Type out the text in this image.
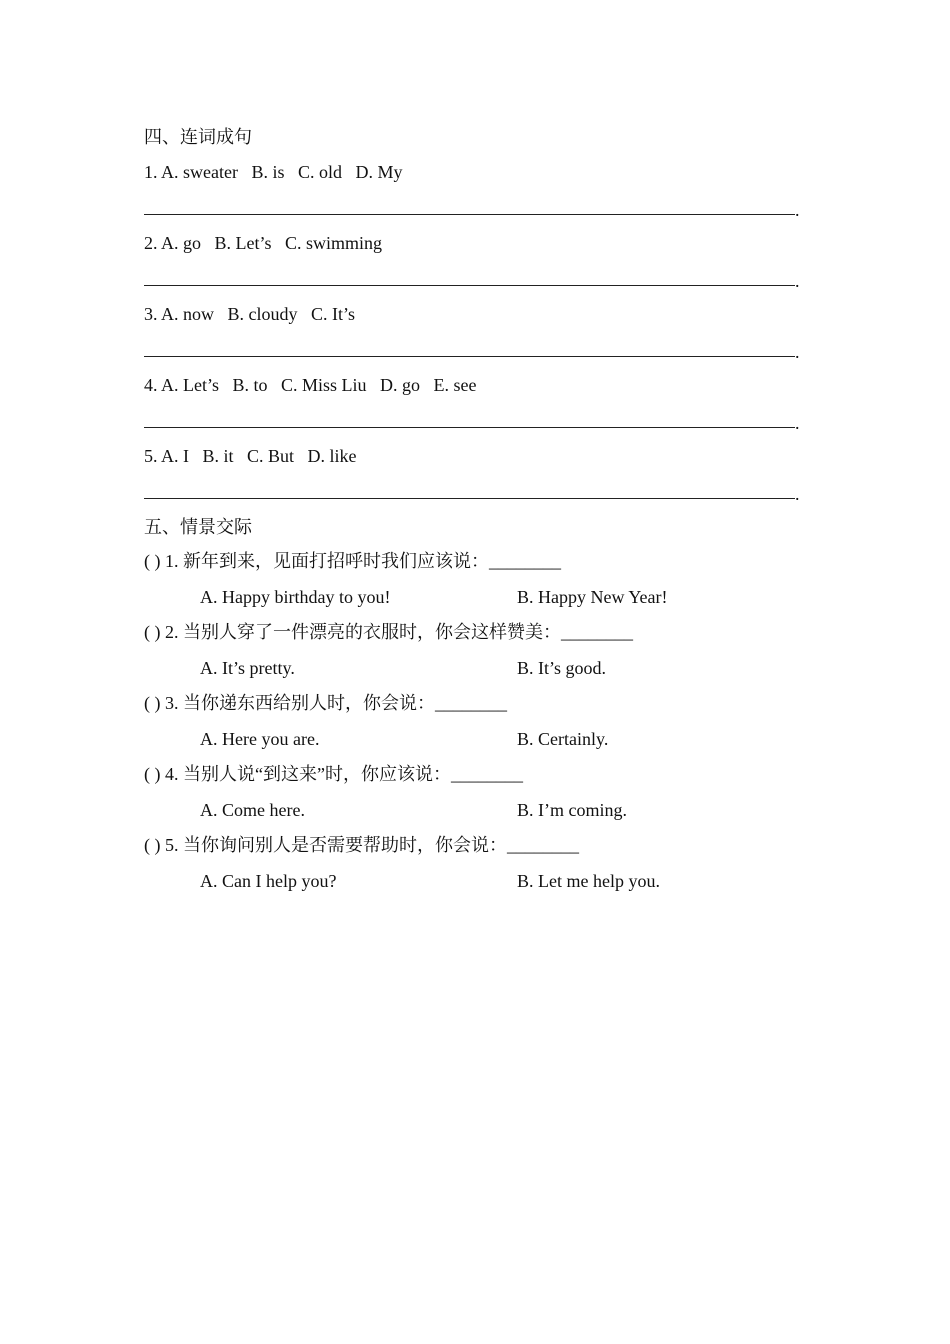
四、连词成句
1. A. sweater   B. is   C. old   D. My
.
2. A. go   B. Let’s   C. swimming
.
3. A. now   B. cloudy   C. It’s
.
4. A. Let’s   B. to   C. Miss Liu   D. go   E. see
.
5. A. I   B. it   C. But   D. like
.
五、情景交际
( ) 1. 新年到来，见面打招呼时我们应该说：________
A. Happy birthday to you!	B. Happy New Year!
( ) 2. 当别人穿了一件漂亮的衣服时，你会这样赞美：________
A. It’s pretty.	B. It’s good.
( ) 3. 当你递东西给别人时，你会说：________
A. Here you are.	B. Certainly.
( ) 4. 当别人说“到这来”时，你应该说：________
A. Come here.	B. I’m coming.
( ) 5. 当你询问别人是否需要帮助时，你会说：________
A. Can I help you?	B. Let me help you.
